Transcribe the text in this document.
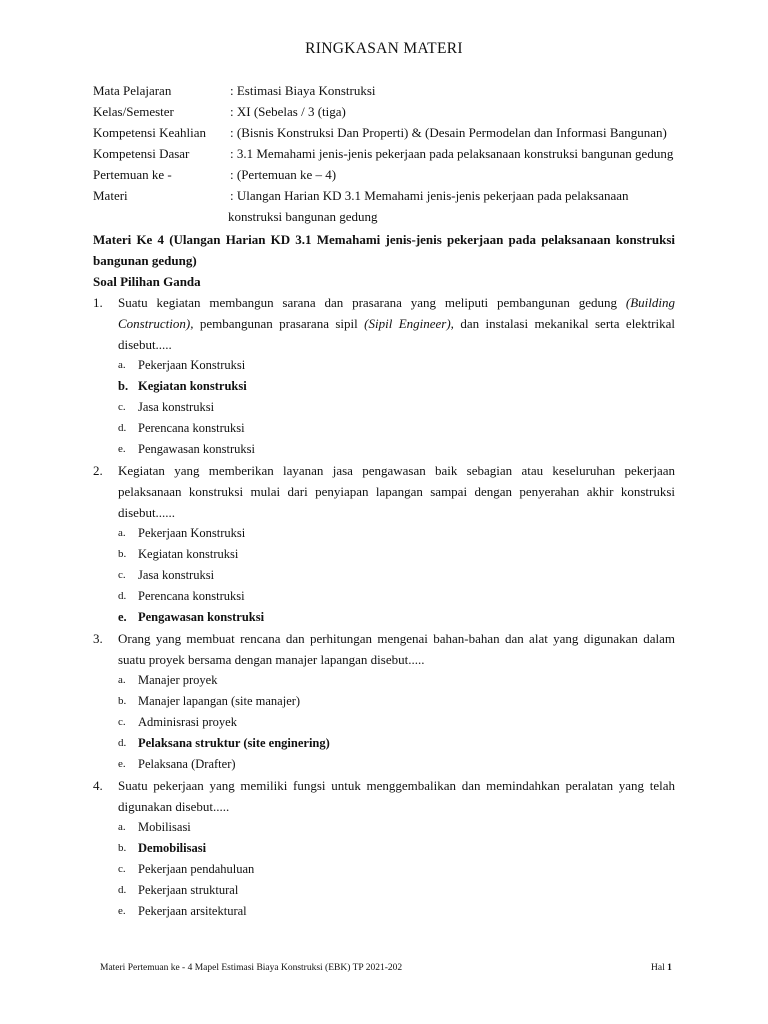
RINGKASAN MATERI
Mata Pelajaran	: Estimasi Biaya Konstruksi
Kelas/Semester	: XI (Sebelas / 3 (tiga)
Kompetensi Keahlian : (Bisnis Konstruksi Dan Properti) & (Desain Permodelan dan Informasi Bangunan)
Kompetensi Dasar	: 3.1 Memahami jenis-jenis pekerjaan pada pelaksanaan konstruksi bangunan gedung
Pertemuan ke -	: (Pertemuan ke – 4)
Materi	: Ulangan Harian KD 3.1 Memahami jenis-jenis pekerjaan pada pelaksanaan
konstruksi bangunan gedung
Materi Ke 4 (Ulangan Harian KD 3.1 Memahami jenis-jenis pekerjaan pada pelaksanaan konstruksi
bangunan gedung)
Soal Pilihan Ganda
1.	Suatu kegiatan membangun sarana dan prasarana yang meliputi pembangunan gedung (Building
Construction), pembangunan prasarana sipil (Sipil Engineer), dan instalasi mekanikal serta elektrikal
disebut.....
a. Pekerjaan Konstruksi
b. Kegiatan konstruksi
c. Jasa konstruksi
d. Perencana konstruksi
e. Pengawasan konstruksi
2.	Kegiatan yang memberikan layanan jasa pengawasan baik sebagian atau keseluruhan pekerjaan
pelaksanaan konstruksi mulai dari penyiapan lapangan sampai dengan penyerahan akhir konstruksi
disebut......
a. Pekerjaan Konstruksi
b. Kegiatan konstruksi
c. Jasa konstruksi
d. Perencana konstruksi
e. Pengawasan konstruksi
3.	Orang yang membuat rencana dan perhitungan mengenai bahan-bahan dan alat yang digunakan dalam
suatu proyek bersama dengan manajer lapangan disebut.....
a. Manajer proyek
b. Manajer lapangan (site manajer)
c. Adminisrasi proyek
d. Pelaksana struktur (site enginering)
e. Pelaksana (Drafter)
4.	Suatu pekerjaan yang memiliki fungsi untuk menggembalikan dan memindahkan peralatan yang telah
digunakan disebut.....
a. Mobilisasi
b. Demobilisasi
c. Pekerjaan pendahuluan
d. Pekerjaan struktural
e. Pekerjaan arsitektural
Materi Pertemuan ke - 4 Mapel Estimasi Biaya Konstruksi (EBK) TP 2021-202	Hal 1
